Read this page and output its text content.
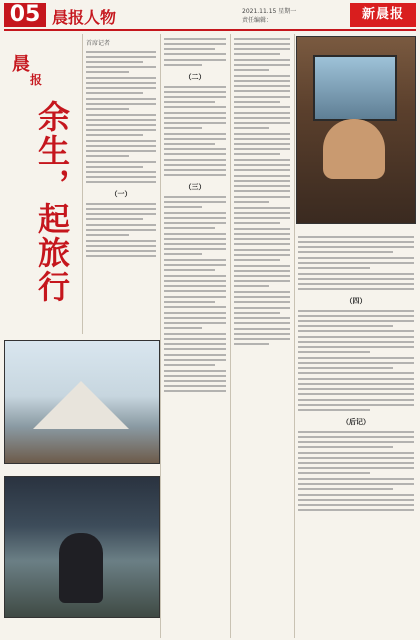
05 晨报人物	2021.11.15 星期一
责任编辑：	新晨报
晨
报
余生，起旅行
首席记者
（一）
（二）
（三）
（四）
（后记）
